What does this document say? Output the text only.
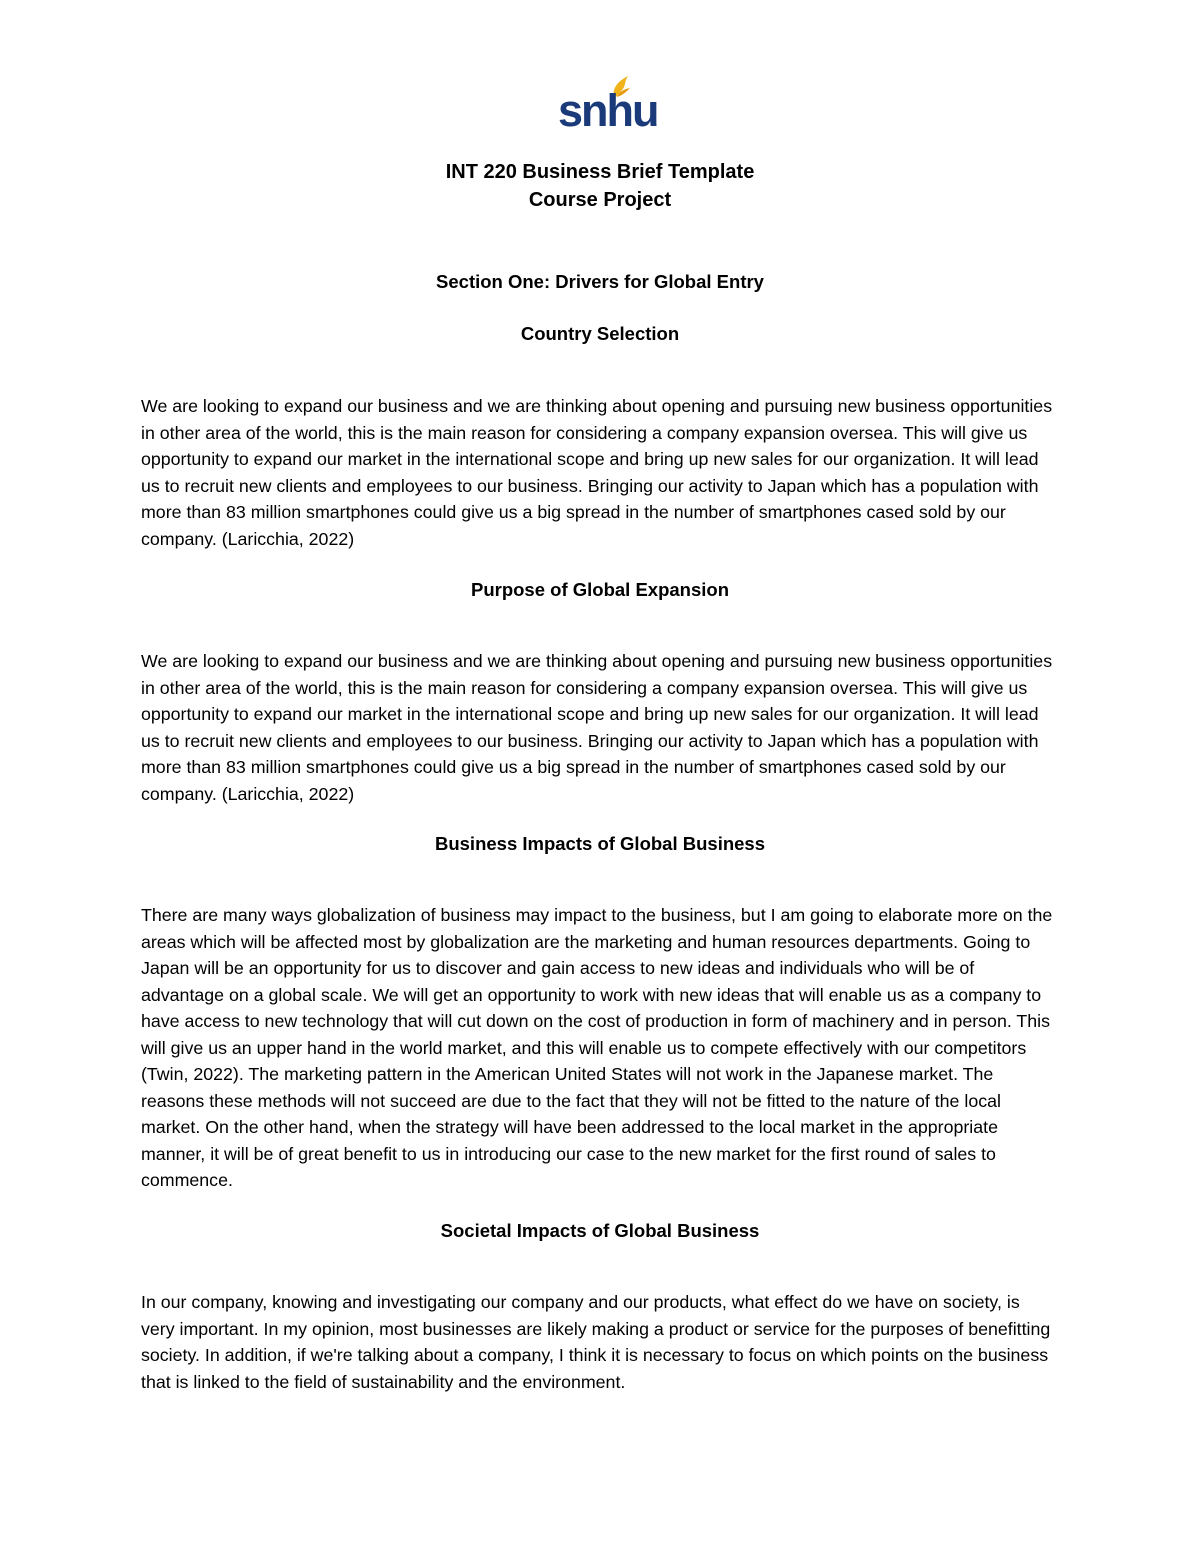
snhu
INT 220 Business Brief Template
Course Project
Section One: Drivers for Global Entry
Country Selection
We are looking to expand our business and we are thinking about opening and pursuing new business opportunities in other area of the world, this is the main reason for considering a company expansion oversea. This will give us opportunity to expand our market in the international scope and bring up new sales for our organization. It will lead us to recruit new clients and employees to our business. Bringing our activity to Japan which has a population with more than 83 million smartphones could give us a big spread in the number of smartphones cased sold by our company. (Laricchia, 2022)
Purpose of Global Expansion
We are looking to expand our business and we are thinking about opening and pursuing new business opportunities in other area of the world, this is the main reason for considering a company expansion oversea. This will give us opportunity to expand our market in the international scope and bring up new sales for our organization. It will lead us to recruit new clients and employees to our business. Bringing our activity to Japan which has a population with more than 83 million smartphones could give us a big spread in the number of smartphones cased sold by our company. (Laricchia, 2022)
Business Impacts of Global Business
There are many ways globalization of business may impact to the business, but I am going to elaborate more on the areas which will be affected most by globalization are the marketing and human resources departments. Going to Japan will be an opportunity for us to discover and gain access to new ideas and individuals who will be of advantage on a global scale. We will get an opportunity to work with new ideas that will enable us as a company to have access to new technology that will cut down on the cost of production in form of machinery and in person. This will give us an upper hand in the world market, and this will enable us to compete effectively with our competitors (Twin, 2022). The marketing pattern in the American United States will not work in the Japanese market. The reasons these methods will not succeed are due to the fact that they will not be fitted to the nature of the local market. On the other hand, when the strategy will have been addressed to the local market in the appropriate manner, it will be of great benefit to us in introducing our case to the new market for the first round of sales to commence.
Societal Impacts of Global Business
In our company, knowing and investigating our company and our products, what effect do we have on society, is very important. In my opinion, most businesses are likely making a product or service for the purposes of benefitting society. In addition, if we're talking about a company, I think it is necessary to focus on which points on the business that is linked to the field of sustainability and the environment.
